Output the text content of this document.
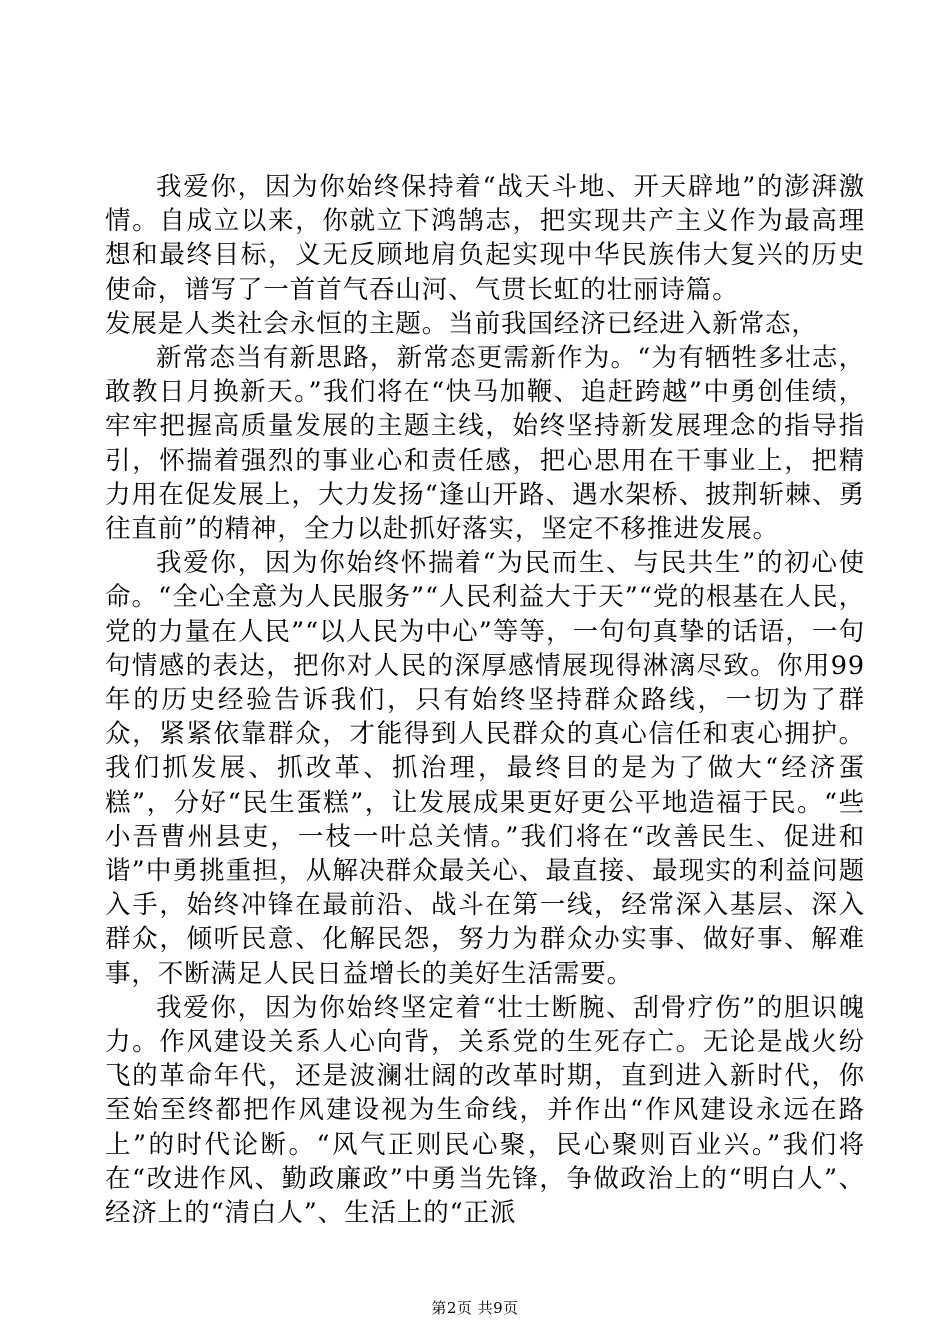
我爱你，因为你始终保持着“战天斗地、开天辟地”的澎湃激情。自成立以来，你就立下鸿鹄志，把实现共产主义作为最高理想和最终目标，义无反顾地肩负起实现中华民族伟大复兴的历史使命，谱写了一首首气吞山河、气贯长虹的壮丽诗篇。

发展是人类社会永恒的主题。当前我国经济已经进入新常态，

新常态当有新思路，新常态更需新作为。“为有牺牲多壮志，敢教日月换新天。”我们将在“快马加鞭、追赶跨越”中勇创佳绩，牢牢把握高质量发展的主题主线，始终坚持新发展理念的指导指引，怀揣着强烈的事业心和责任感，把心思用在干事业上，把精力用在促发展上，大力发扬“逢山开路、遇水架桥、披荆斩棘、勇往直前”的精神，全力以赴抓好落实，坚定不移推进发展。

我爱你，因为你始终怀揣着“为民而生、与民共生”的初心使命。“全心全意为人民服务”“人民利益大于天”“党的根基在人民，党的力量在人民”“以人民为中心”等等，一句句真挚的话语，一句句情感的表达，把你对人民的深厚感情展现得淋漓尽致。你用99年的历史经验告诉我们，只有始终坚持群众路线，一切为了群众，紧紧依靠群众，才能得到人民群众的真心信任和衷心拥护。我们抓发展、抓改革、抓治理，最终目的是为了做大“经济蛋糕”，分好“民生蛋糕”，让发展成果更好更公平地造福于民。“些小吾曹州县吏，一枝一叶总关情。”我们将在“改善民生、促进和谐”中勇挑重担，从解决群众最关心、最直接、最现实的利益问题入手，始终冲锋在最前沿、战斗在第一线，经常深入基层、深入群众，倾听民意、化解民怨，努力为群众办实事、做好事、解难事，不断满足人民日益增长的美好生活需要。

我爱你，因为你始终坚定着“壮士断腕、刮骨疗伤”的胆识魄力。作风建设关系人心向背，关系党的生死存亡。无论是战火纷飞的革命年代，还是波澜壮阔的改革时期，直到进入新时代，你至始至终都把作风建设视为生命线，并作出“作风建设永远在路上”的时代论断。“风气正则民心聚，民心聚则百业兴。”我们将在“改进作风、勤政廉政”中勇当先锋，争做政治上的“明白人”、经济上的“清白人”、生活上的“正派

第2页 共9页
